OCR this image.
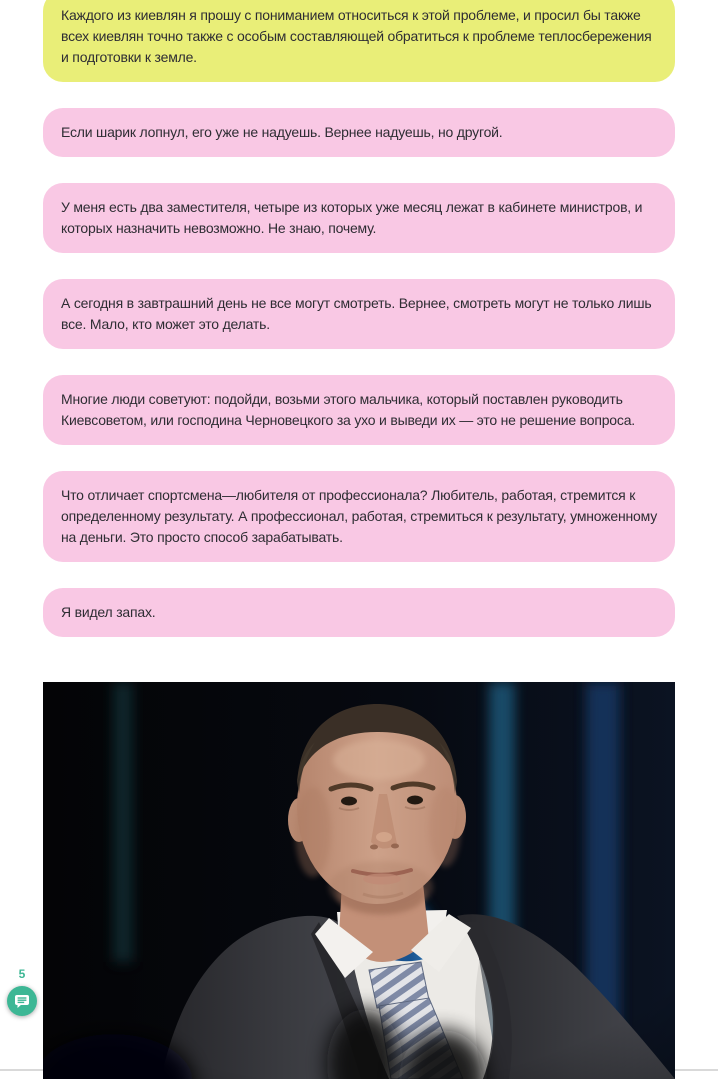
Каждого из киевлян я прошу с пониманием относиться к этой проблеме, и просил бы также всех киевлян точно также с особым составляющей обратиться к проблеме теплосбережения и подготовки к земле.

Если шарик лопнул, его уже не надуешь. Вернее надуешь, но другой.

У меня есть два заместителя, четыре из которых уже месяц лежат в кабинете министров, и которых назначить невозможно. Не знаю, почему.

А сегодня в завтрашний день не все могут смотреть. Вернее, смотреть могут не только лишь все. Мало, кто может это делать.

Многие люди советуют: подойди, возьми этого мальчика, который поставлен руководить Киевсоветом, или господина Черновецкого за ухо и выведи их — это не решение вопроса.

Что отличает спортсмена—любителя от профессионала? Любитель, работая, стремится к определенному результату. А профессионал, работая, стремиться к результату, умноженному на деньги. Это просто способ зарабатывать.

Я видел запах.

5
